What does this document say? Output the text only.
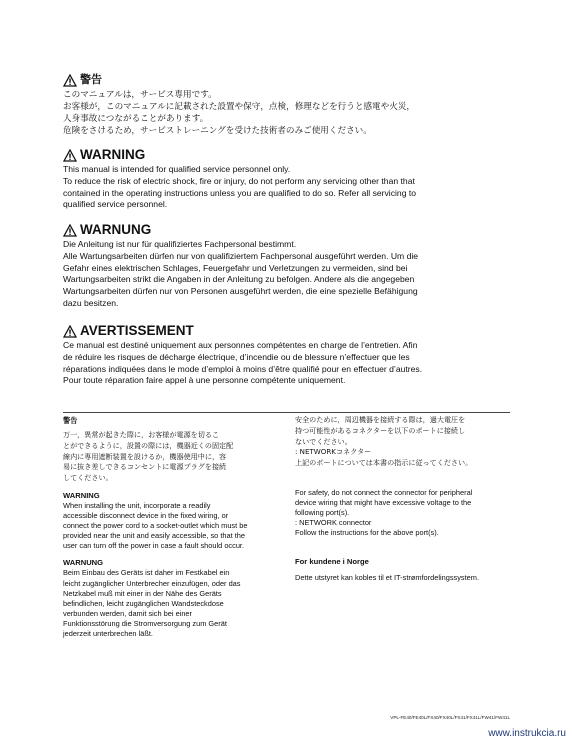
警告
このマニュアルは，サービス専用です。
お客様が，このマニュアルに記載された設置や保守，点検，修理などを行うと感電や火災，
人身事故につながることがあります。
危険をさけるため，サービストレーニングを受けた技術者のみご使用ください。
WARNING
This manual is intended for qualified service personnel only.
To reduce the risk of electric shock, fire or injury, do not perform any servicing other than that
contained in the operating instructions unless you are qualified to do so. Refer all servicing to
qualified service personnel.
WARNUNG
Die Anleitung ist nur für qualifiziertes Fachpersonal bestimmt.
Alle Wartungsarbeiten dürfen nur von qualifiziertem Fachpersonal ausgeführt werden. Um die
Gefahr eines elektrischen Schlages, Feuergefahr und Verletzungen zu vermeiden, sind bei
Wartungsarbeiten strikt die Angaben in der Anleitung zu befolgen. Andere als die angegeben
Wartungsarbeiten dürfen nur von Personen ausgeführt werden, die eine spezielle Befähigung
dazu besitzen.
AVERTISSEMENT
Ce manual est destiné uniquement aux personnes compétentes en charge de l’entretien. Afin
de réduire les risques de décharge électrique, d’incendie ou de blessure n’effectuer que les
réparations indiquées dans le mode d’emploi à moins d’être qualifié pour en effectuer d’autres.
Pour toute réparation faire appel à une personne compétente uniquement.
警告
万一，異常が起きた際に，お客様が電源を切るこ
とができるように，設置の際には，機器近くの固定配
線内に専用遮断装置を設けるか，機器使用中に，容
易に抜き差しできるコンセントに電源プラグを接続
してください。
WARNING
When installing the unit, incorporate a readily
accessible disconnect device in the fixed wiring, or
connect the power cord to a socket-outlet which must be
provided near the unit and easily accessible, so that the
user can turn off the power in case a fault should occur.
WARNUNG
Beim Einbau des Geräts ist daher im Festkabel ein
leicht zugänglicher Unterbrecher einzufügen, oder das
Netzkabel muß mit einer in der Nähe des Geräts
befindlichen, leicht zugänglichen Wandsteckdose
verbunden werden, damit sich bei einer
Funktionsstörung die Stromversorgung zum Gerät
jederzeit unterbrechen läßt.
安全のために，周辺機器を接続する際は，過大電圧を
持つ可能性があるコネクターを以下のポートに接続し
ないでください。
: NETWORKコネクター
上記のポートについては本書の指示に従ってください。
For safety, do not connect the connector for peripheral
device wiring that might have excessive voltage to the
following port(s).
: NETWORK connector
Follow the instructions for the above port(s).
For kundene i Norge
Dette utstyret kan kobles til et IT-strømfordelingssystem.
VPL-FE40/FE40L/FX40/FX40L/FX41/FX41L/FW41/FW41L
www.instrukcia.ru
